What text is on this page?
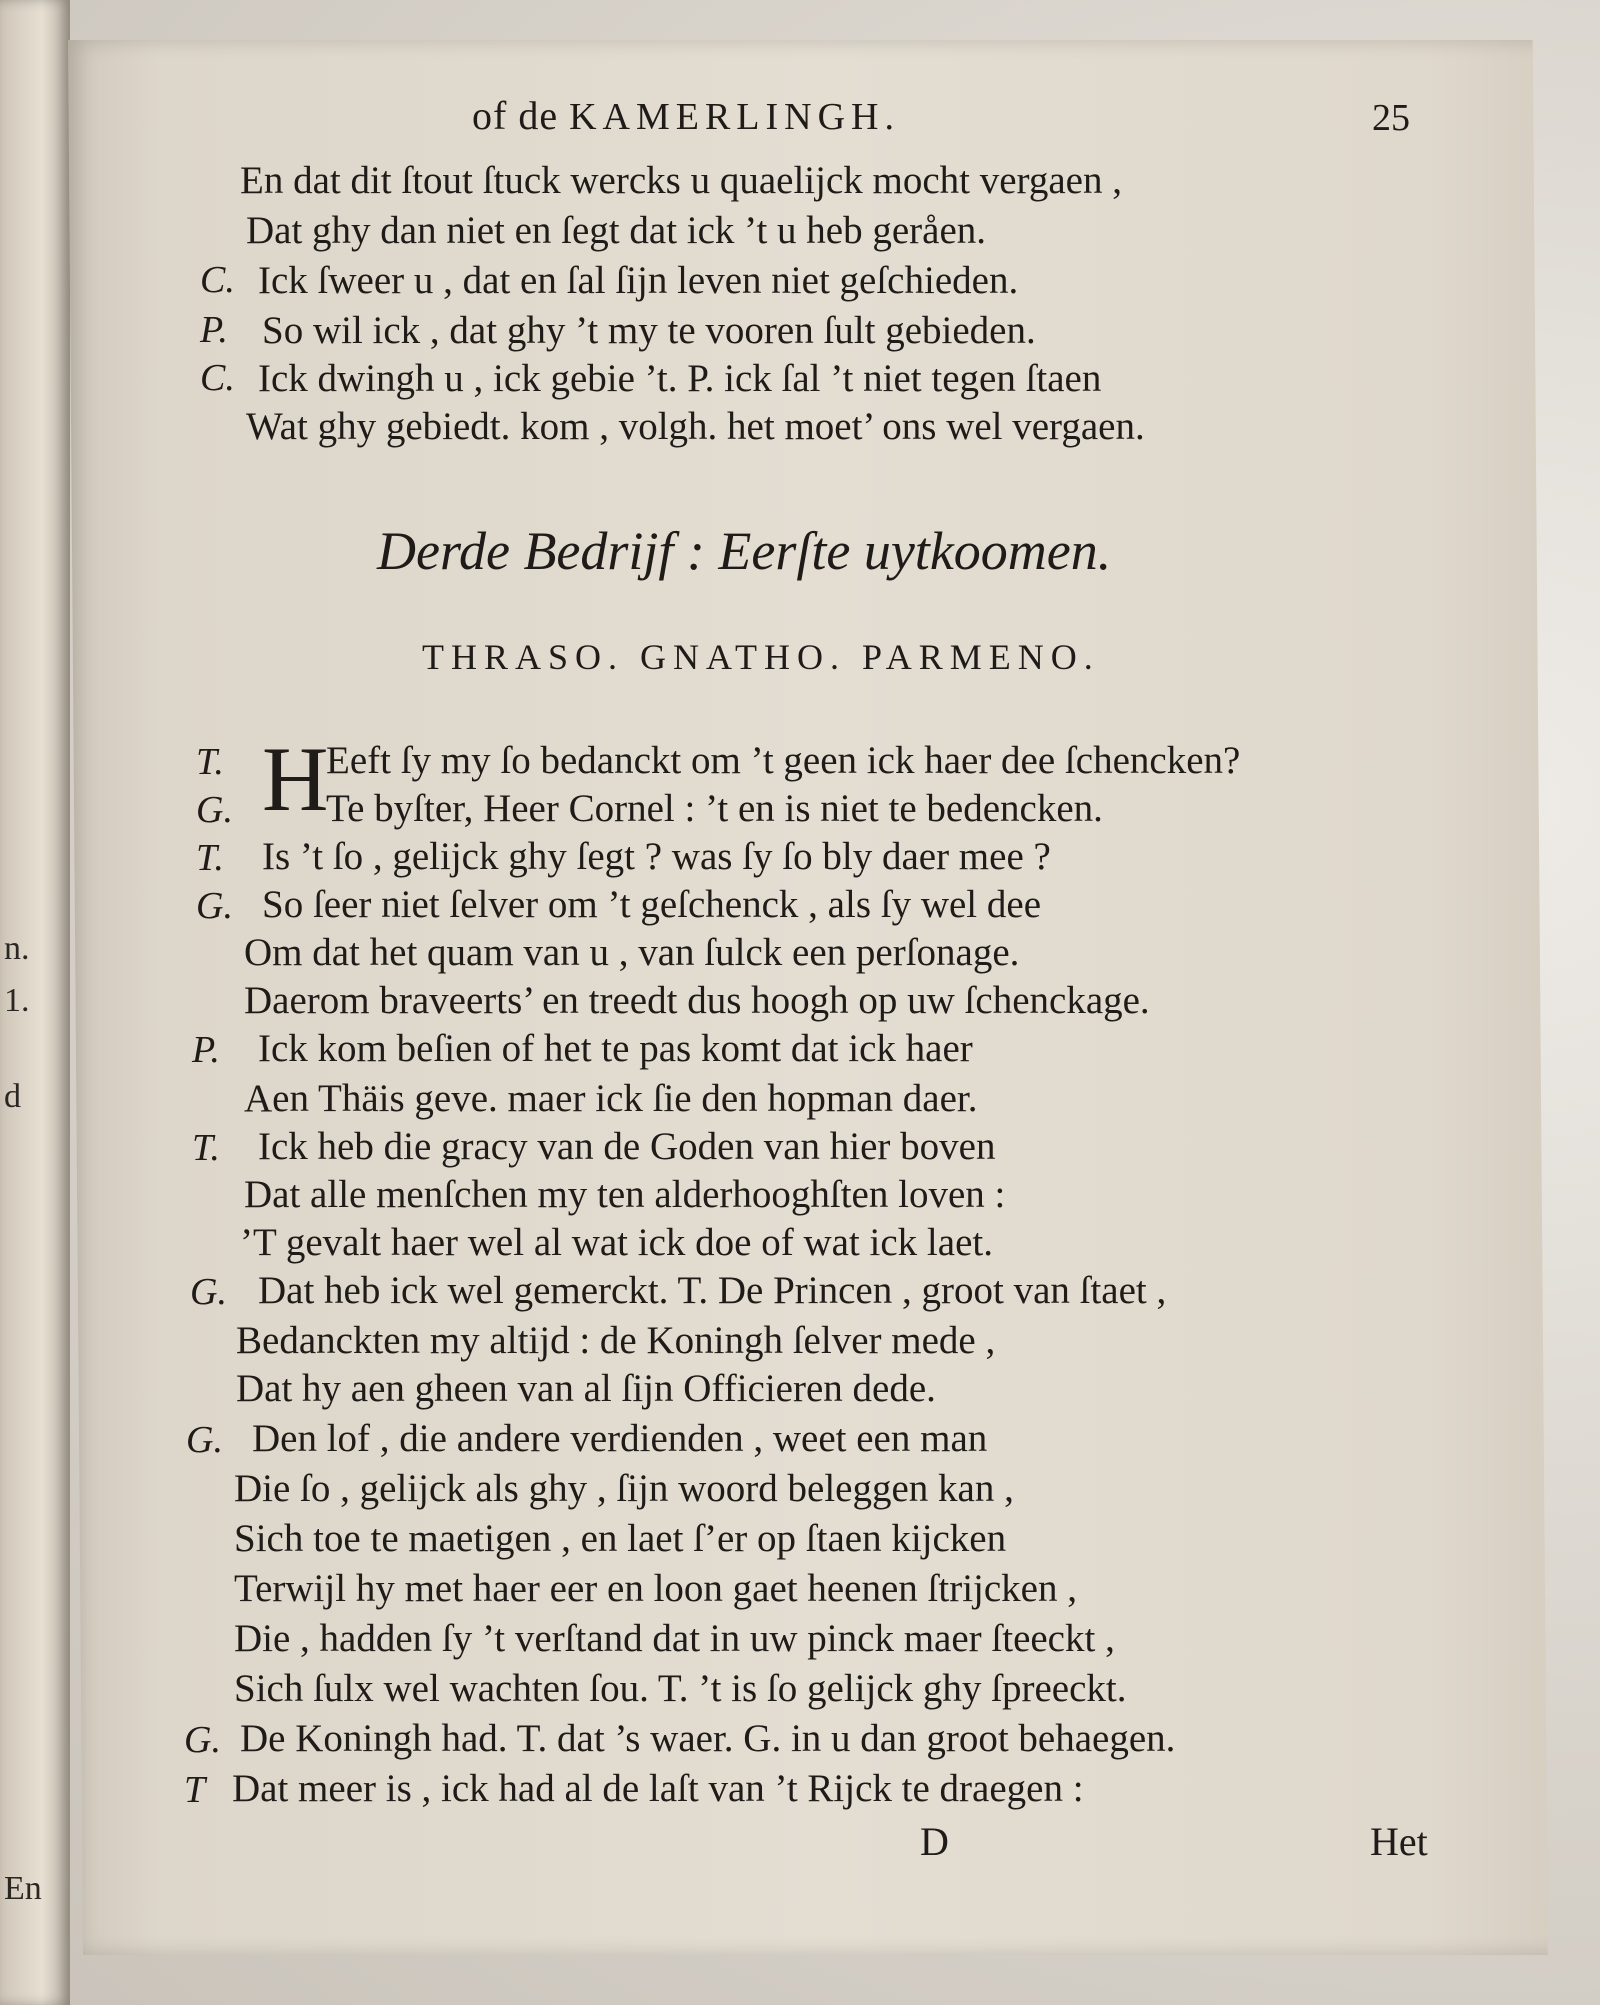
n.
1.
d
En
of de KAMERLINGH.	25
En dat dit ſtout ſtuck wercks u quaelijck mocht vergaen ,
Dat ghy dan niet en ſegt dat ick ’t u heb geråen.
C. Ick ſweer u , dat en ſal ſijn leven niet geſchieden.
P. So wil ick , dat ghy ’t my te vooren ſult gebieden.
C. Ick dwingh u , ick gebie ’t. P. ick ſal ’t niet tegen ſtaen
Wat ghy gebiedt. kom , volgh. het moet’ ons wel vergaen.
Derde Bedrijf : Eerſte uytkoomen.
THRASO. GNATHO. PARMENO.
H
T.	Eeft ſy my ſo bedanckt om ’t geen ick haer dee ſchencken?
G. Te byſter, Heer Cornel : ’t en is niet te bedencken.
T. Is ’t ſo , gelijck ghy ſegt ? was ſy ſo bly daer mee ?
G. So ſeer niet ſelver om ’t geſchenck , als ſy wel dee
Om dat het quam van u , van ſulck een perſonage.
Daerom braveerts’ en treedt dus hoogh op uw ſchenckage.
P. Ick kom beſien of het te pas komt dat ick haer
Aen Thäis geve. maer ick ſie den hopman daer.
T. Ick heb die gracy van de Goden van hier boven
Dat alle menſchen my ten alderhooghſten loven :
’T gevalt haer wel al wat ick doe of wat ick laet.
G. Dat heb ick wel gemerckt. T. De Princen , groot van ſtaet ,
Bedanckten my altijd : de Koningh ſelver mede ,
Dat hy aen gheen van al ſijn Officieren dede.
G. Den lof , die andere verdienden , weet een man
Die ſo , gelijck als ghy , ſijn woord beleggen kan ,
Sich toe te maetigen , en laet ſ’er op ſtaen kijcken
Terwijl hy met haer eer en loon gaet heenen ſtrijcken ,
Die , hadden ſy ’t verſtand dat in uw pinck maer ſteeckt ,
Sich ſulx wel wachten ſou. T. ’t is ſo gelijck ghy ſpreeckt.
G. De Koningh had. T. dat ’s waer. G. in u dan groot behaegen.
T Dat meer is , ick had al de laſt van ’t Rijck te draegen :
D	Het
